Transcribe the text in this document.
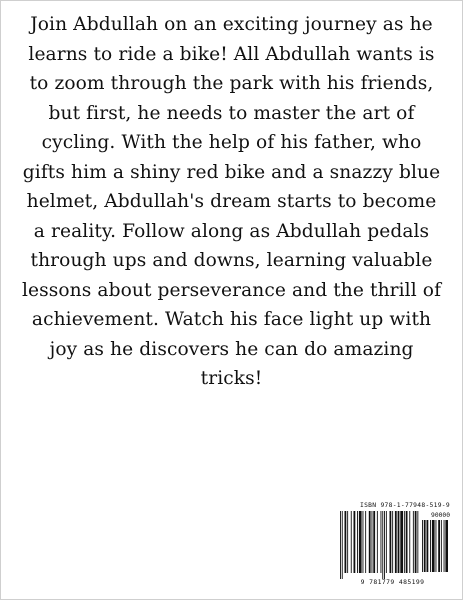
Join Abdullah on an exciting journey as he learns to ride a bike! All Abdullah wants is to zoom through the park with his friends, but first, he needs to master the art of cycling. With the help of his father, who gifts him a shiny red bike and a snazzy blue helmet, Abdullah's dream starts to become a reality. Follow along as Abdullah pedals through ups and downs, learning valuable lessons about perseverance and the thrill of achievement. Watch his face light up with joy as he discovers he can do amazing tricks!

ISBN 978-1-77948-519-9
90000
9 781779 485199
